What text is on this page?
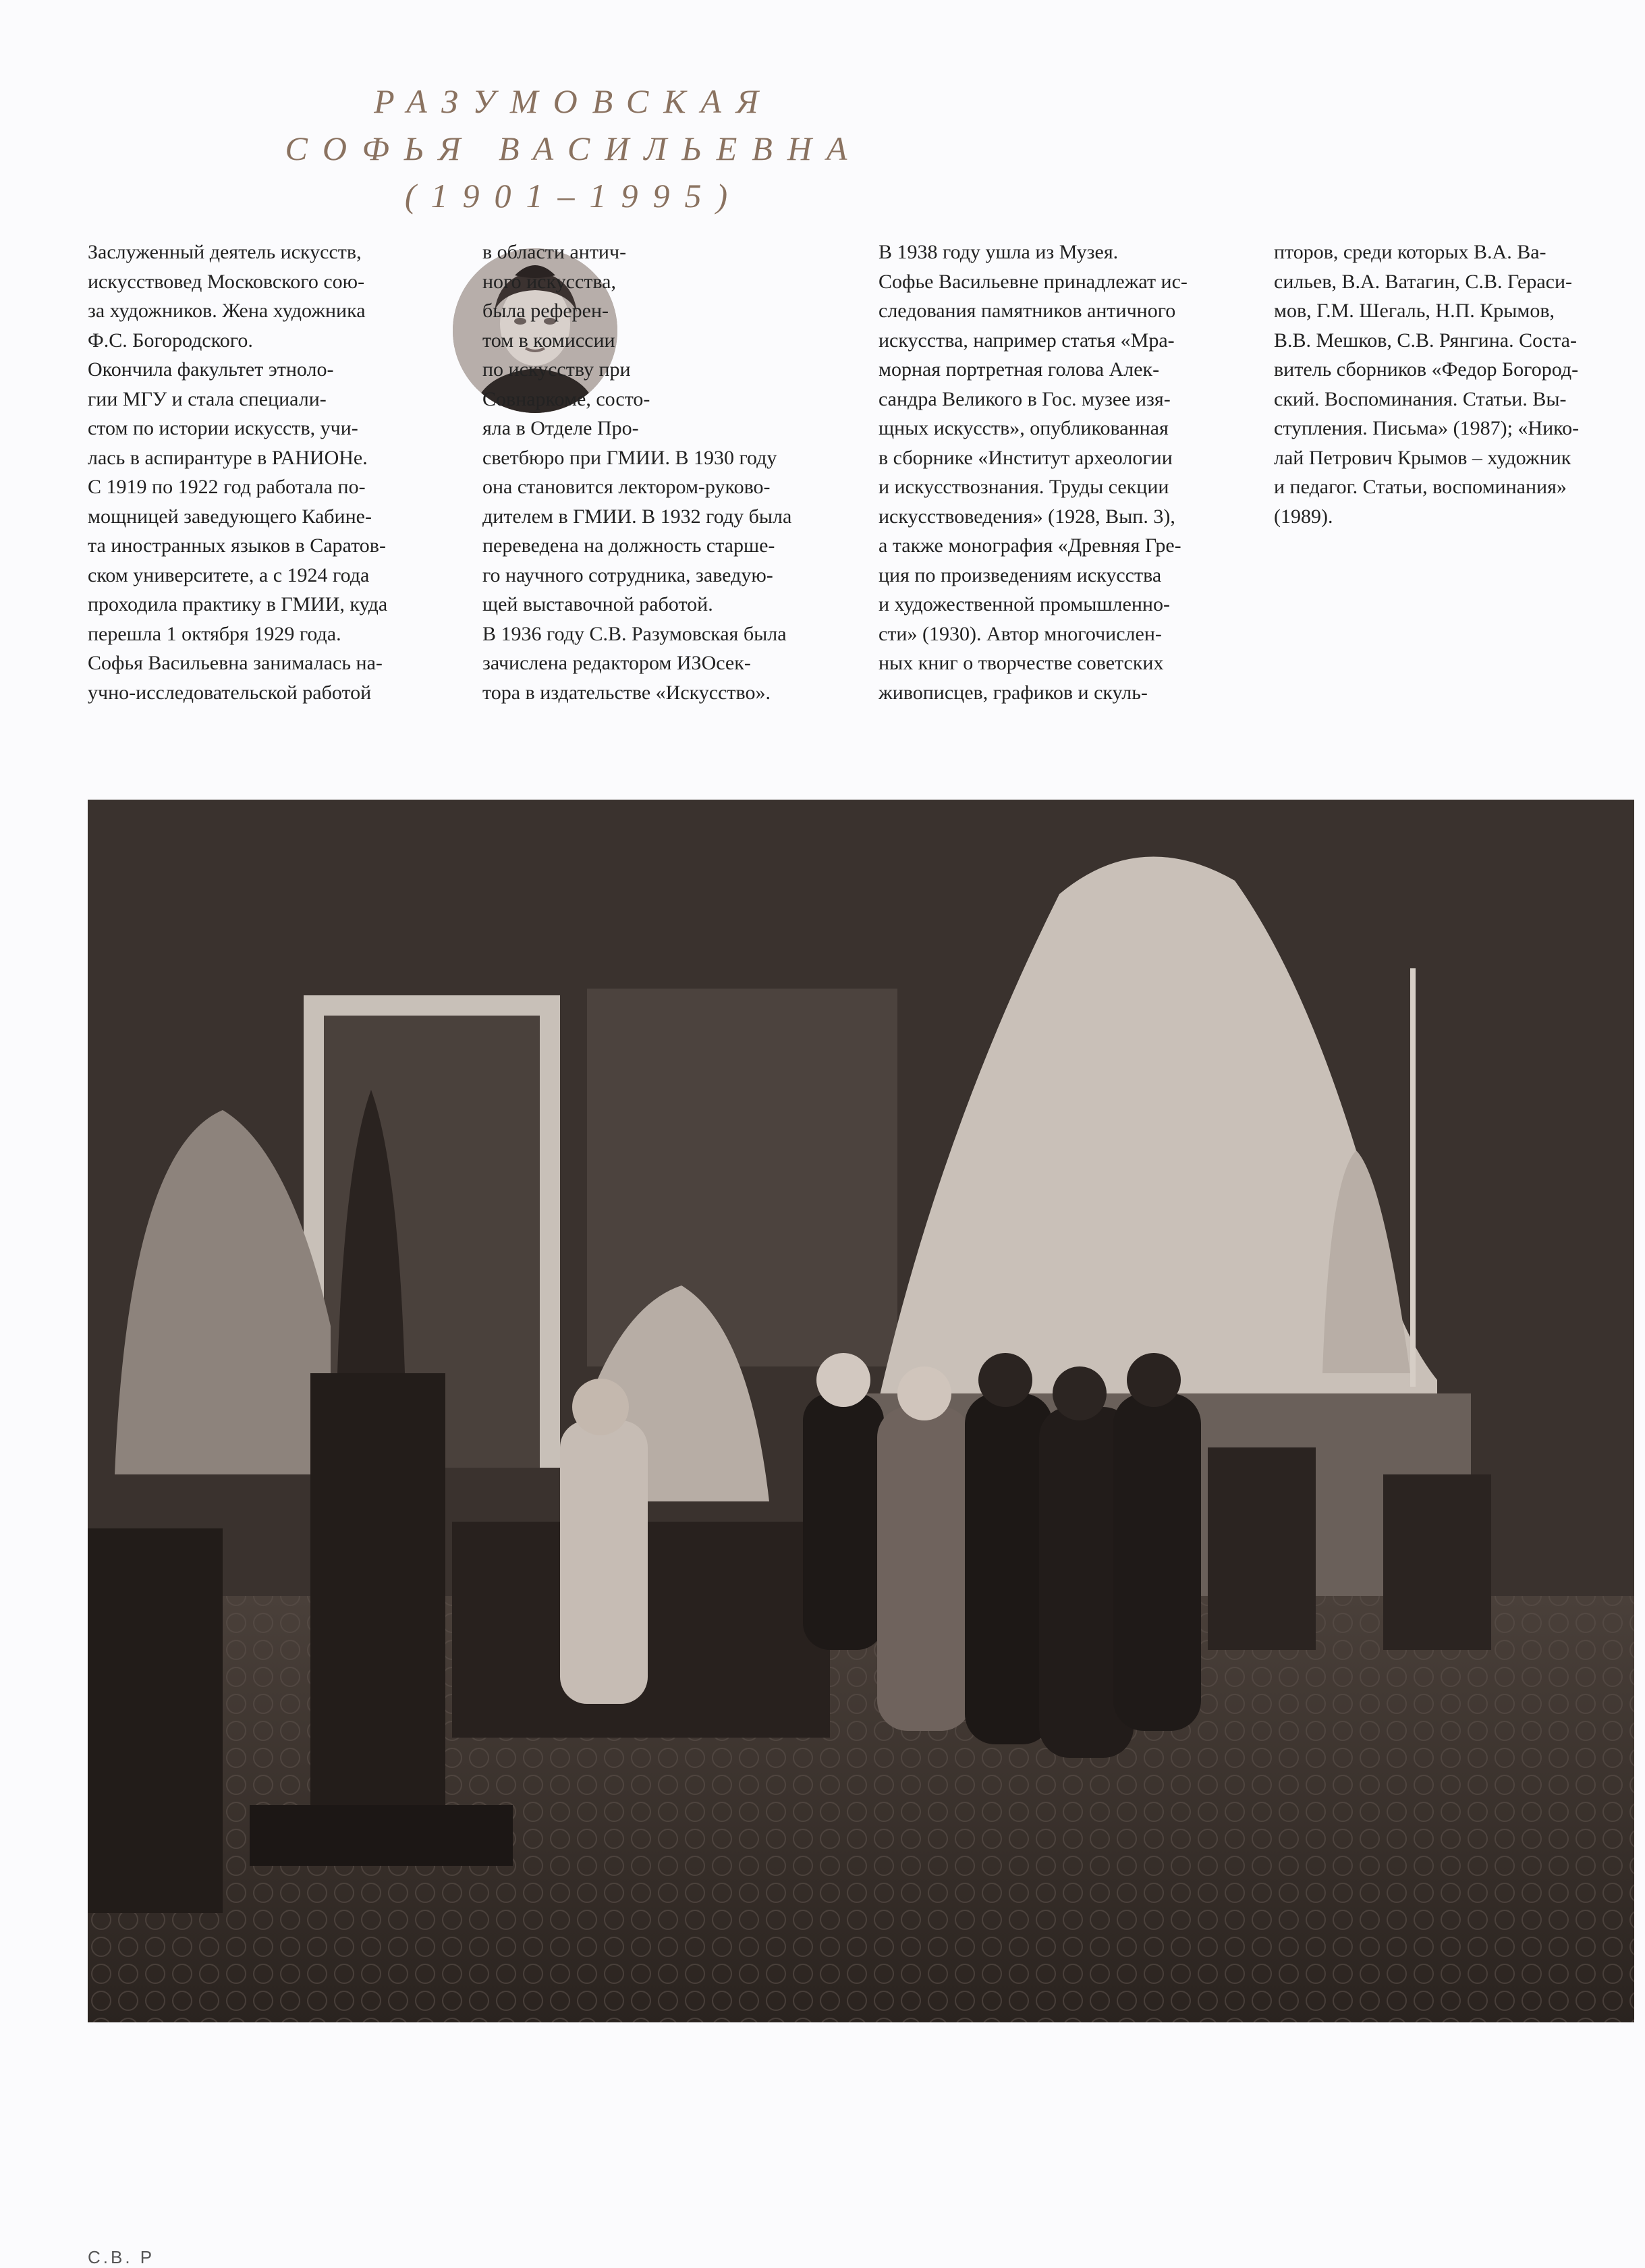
РАЗУМОВСКАЯ
СОФЬЯ ВАСИЛЬЕВНА
(1901–1995)

Заслуженный деятель искусств,

искусствовед Московского сою-

за художников. Жена художника

Ф.С. Богородского.

Окончила факультет этноло-

гии МГУ и стала специали-

стом по истории искусств, учи-

лась в аспирантуре в РАНИОНе.

С 1919 по 1922 год работала по-

мощницей заведующего Кабине-

та иностранных языков в Саратов-

ском университете, а с 1924 года

проходила практику в ГМИИ, куда

перешла 1 октября 1929 года.

Софья Васильевна занималась на-

учно-исследовательской работой

в области антич-

ного искусства,

была референ-

том в комиссии

по искусству при

Совнаркоме, состо-

яла в Отделе Про-

светбюро при ГМИИ. В 1930 году

она становится лектором-руково-

дителем в ГМИИ. В 1932 году была

переведена на должность старше-

го научного сотрудника, заведую-

щей выставочной работой.

В 1936 году С.В. Разумовская была

зачислена редактором ИЗОсек-

тора в издательстве «Искусство».

В 1938 году ушла из Музея.

Софье Васильевне принадлежат ис-

следования памятников античного

искусства, например статья «Мра-

морная портретная голова Алек-

сандра Великого в Гос. музее изя-

щных искусств», опубликованная

в сборнике «Институт археологии

и искусствознания. Труды секции

искусствоведения» (1928, Вып. 3),

а также монография «Древняя Гре-

ция по произведениям искусства

и художественной промышленно-

сти» (1930). Автор многочислен-

ных книг о творчестве советских

живописцев, графиков и скуль-

пторов, среди которых В.А. Ва-

сильев, В.А. Ватагин, С.В. Гераси-

мов, Г.М. Шегаль, Н.П. Крымов,

В.В. Мешков, С.В. Рянгина. Соста-

витель сборников «Федор Богород-

ский. Воспоминания. Статьи. Вы-

ступления. Письма» (1987); «Нико-

лай Петрович Крымов – художник

и педагог. Статьи, воспоминания»

(1989).

С.В. Р
